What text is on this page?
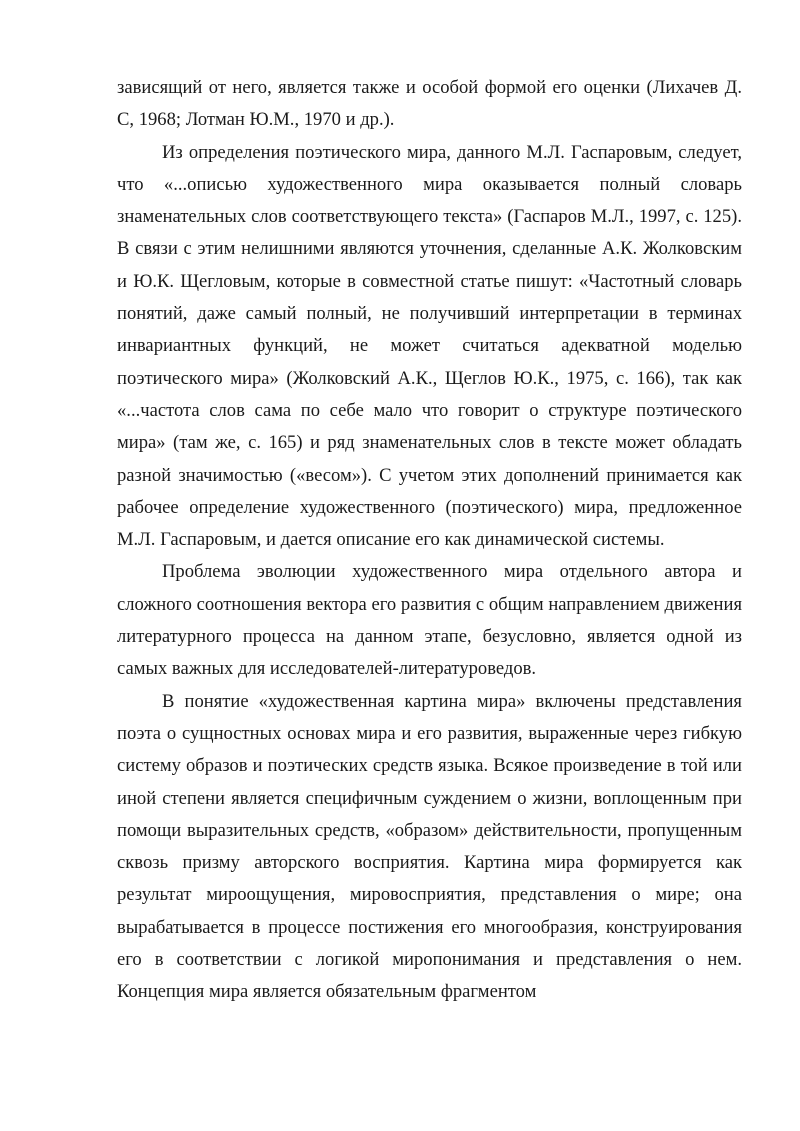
зависящий от него, является также и особой формой его оценки (Лихачев Д. С, 1968; Лотман Ю.М., 1970 и др.).

Из определения поэтического мира, данного М.Л. Гаспаровым, следует, что «...описью художественного мира оказывается полный словарь знаменательных слов соответствующего текста» (Гаспаров М.Л., 1997, с. 125). В связи с этим нелишними являются уточнения, сделанные А.К. Жолковским и Ю.К. Щегловым, которые в совместной статье пишут: «Частотный словарь понятий, даже самый полный, не получивший интерпретации в терминах инвариантных функций, не может считаться адекватной моделью поэтического мира» (Жолковский А.К., Щеглов Ю.К., 1975, с. 166), так как «...частота слов сама по себе мало что говорит о структуре поэтического мира» (там же, с. 165) и ряд знаменательных слов в тексте может обладать разной значимостью («весом»). С учетом этих дополнений принимается как рабочее определение художественного (поэтического) мира, предложенное М.Л. Гаспаровым, и дается описание его как динамической системы.

Проблема эволюции художественного мира отдельного автора и сложного соотношения вектора его развития с общим направлением движения литературного процесса на данном этапе, безусловно, является одной из самых важных для исследователей-литературоведов.

В понятие «художественная картина мира» включены представления поэта о сущностных основах мира и его развития, выраженные через гибкую систему образов и поэтических средств языка. Всякое произведение в той или иной степени является специфичным суждением о жизни, воплощенным при помощи выразительных средств, «образом» действительности, пропущенным сквозь призму авторского восприятия. Картина мира формируется как результат мироощущения, мировосприятия, представления о мире; она вырабатывается в процессе постижения его многообразия, конструирования его в соответствии с логикой миропонимания и представления о нем. Концепция мира является обязательным фрагментом
